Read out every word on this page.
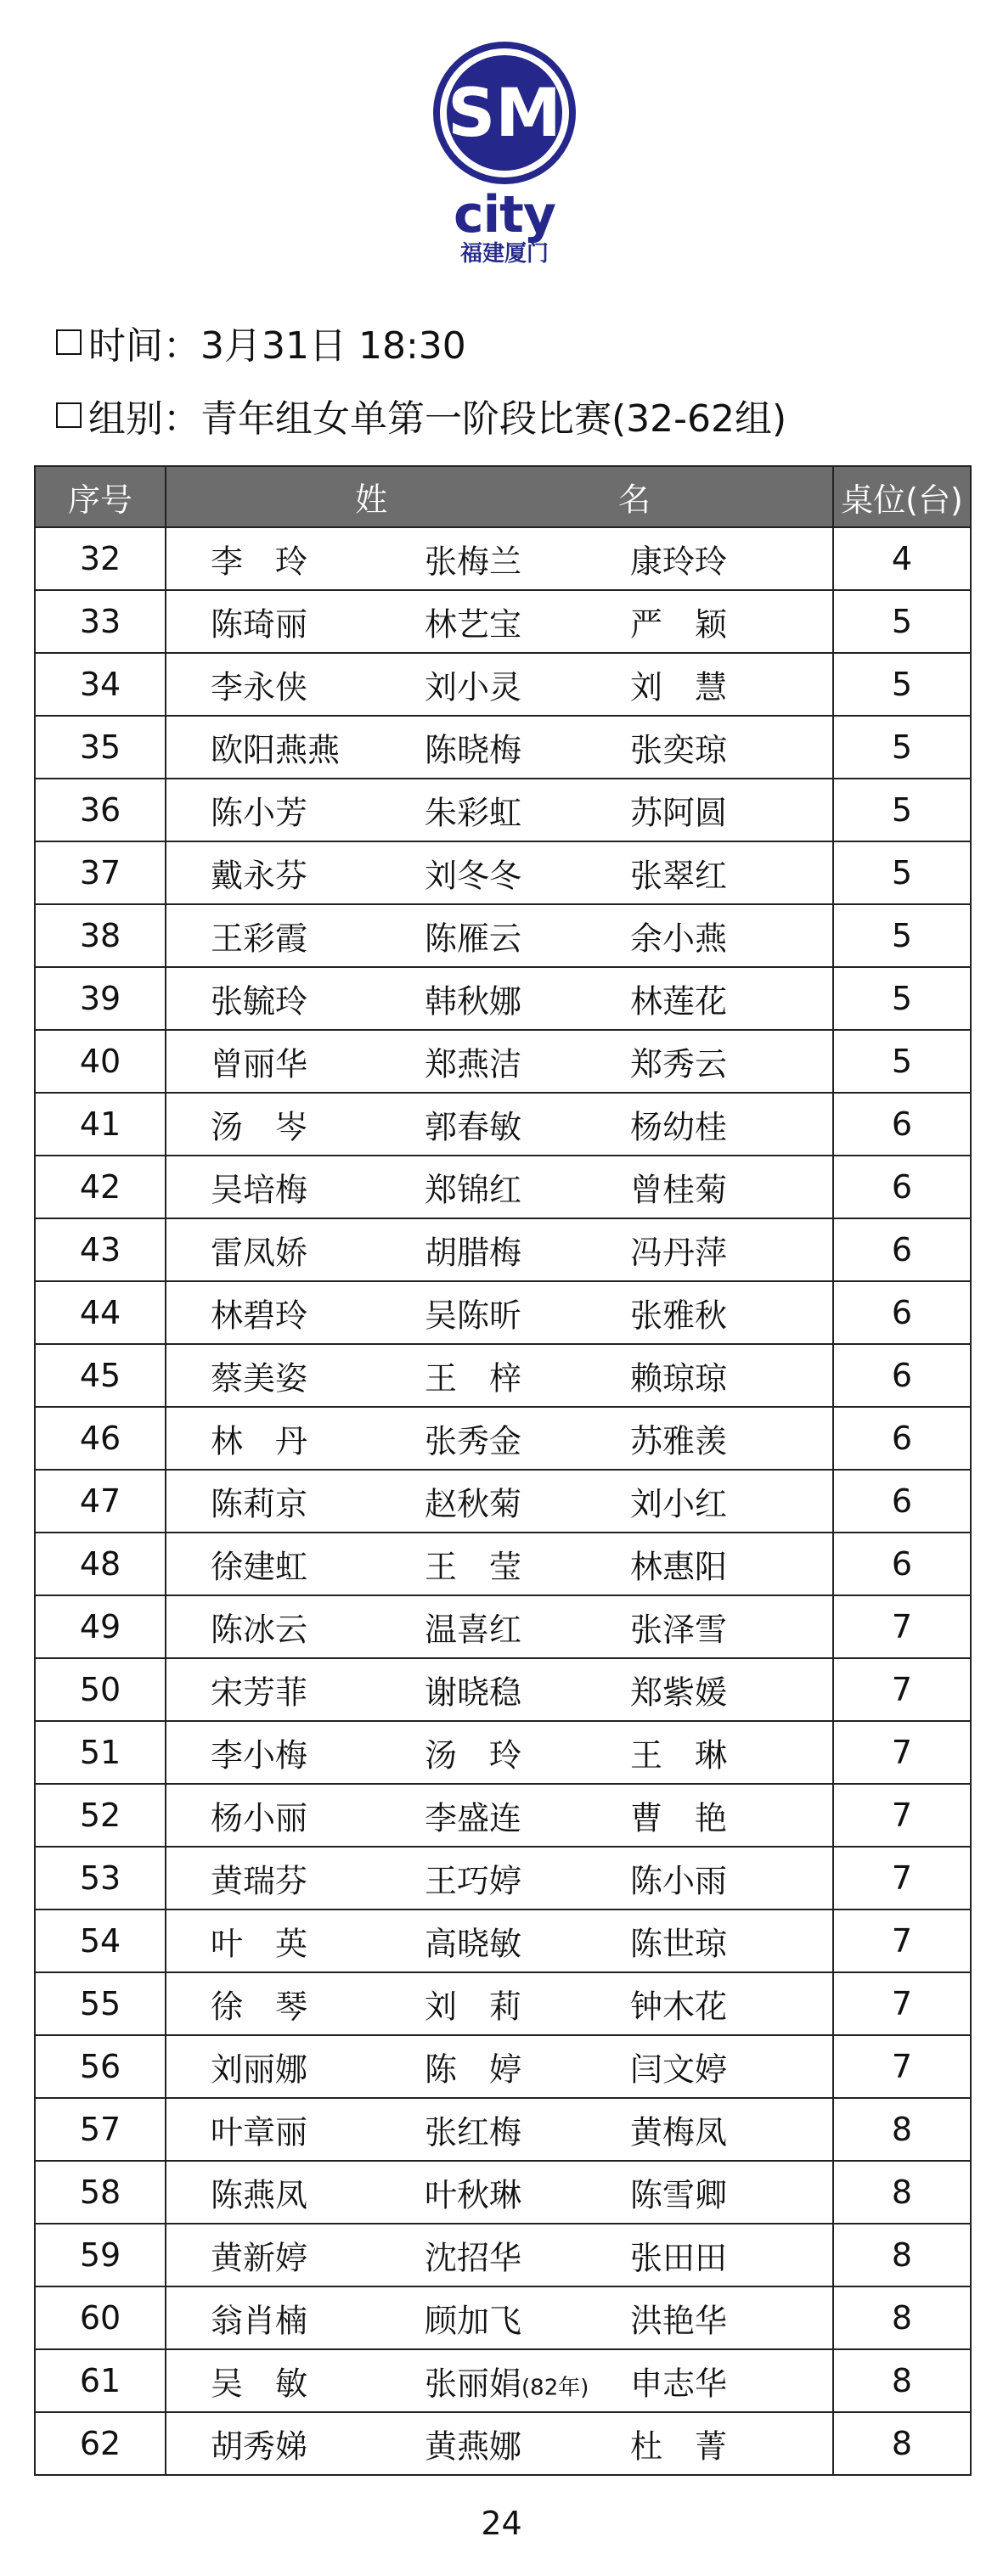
SM
city
福建厦门
时间：3月31日 18:30
组别：青年组女单第一阶段比赛(32-62组)
序号	姓 名	桌位(台)
32	李　玲 张梅兰 康玲玲	4
33	陈琦丽 林艺宝 严　颖	5
34	李永侠 刘小灵 刘　慧	5
35	欧阳燕燕 陈晓梅 张奕琼	5
36	陈小芳 朱彩虹 苏阿圆	5
37	戴永芬 刘冬冬 张翠红	5
38	王彩霞 陈雁云 余小燕	5
39	张毓玲 韩秋娜 林莲花	5
40	曾丽华 郑燕洁 郑秀云	5
41	汤　岑 郭春敏 杨幼桂	6
42	吴培梅 郑锦红 曾桂菊	6
43	雷凤娇 胡腊梅 冯丹萍	6
44	林碧玲 吴陈昕 张雅秋	6
45	蔡美姿 王　梓 赖琼琼	6
46	林　丹 张秀金 苏雅羡	6
47	陈莉京 赵秋菊 刘小红	6
48	徐建虹 王　莹 林惠阳	6
49	陈冰云 温喜红 张泽雪	7
50	宋芳菲 谢晓稳 郑紫媛	7
51	李小梅 汤　玲 王　琳	7
52	杨小丽 李盛连 曹　艳	7
53	黄瑞芬 王巧婷 陈小雨	7
54	叶　英 高晓敏 陈世琼	7
55	徐　琴 刘　莉 钟木花	7
56	刘丽娜 陈　婷 闫文婷	7
57	叶章丽 张红梅 黄梅凤	8
58	陈燕凤 叶秋琳 陈雪卿	8
59	黄新婷 沈招华 张田田	8
60	翁肖楠 顾加飞 洪艳华	8
61	吴　敏 张丽娟(82年) 申志华	8
62	胡秀娣 黄燕娜 杜　菁	8
24
